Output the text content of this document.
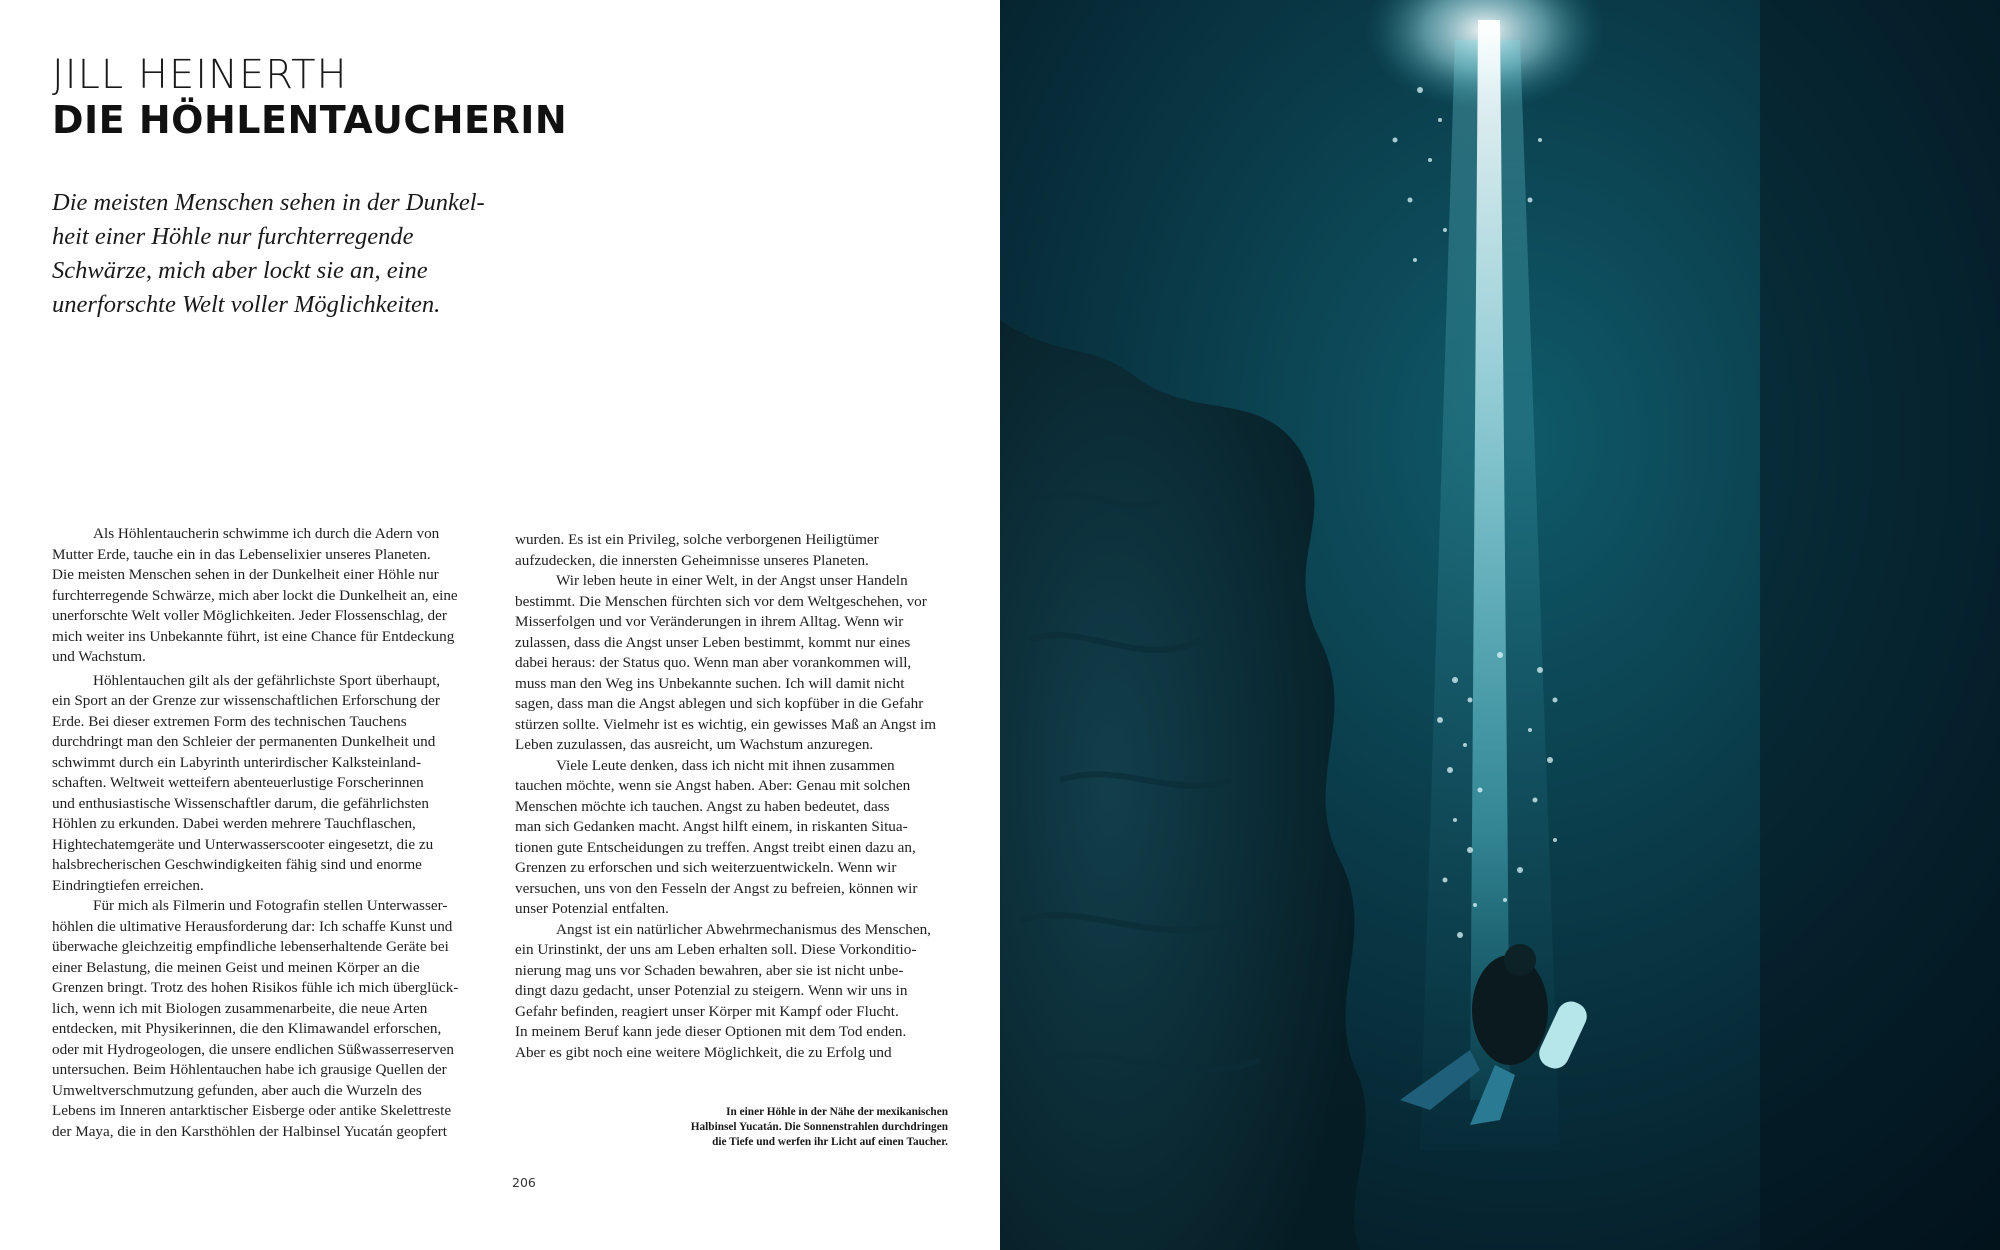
JILL HEINERTH
DIE HÖHLENTAUCHERIN
Die meisten Menschen sehen in der Dunkel-
heit einer Höhle nur furchterregende
Schwärze, mich aber lockt sie an, eine
unerforschte Welt voller Möglichkeiten.
Als Höhlentaucherin schwimme ich durch die Adern von
Mutter Erde, tauche ein in das Lebenselixier unseres Planeten.
Die meisten Menschen sehen in der Dunkelheit einer Höhle nur
furchterregende Schwärze, mich aber lockt die Dunkelheit an, eine
unerforschte Welt voller Möglichkeiten. Jeder Flossenschlag, der
mich weiter ins Unbekannte führt, ist eine Chance für Entdeckung
und Wachstum.
Höhlentauchen gilt als der gefährlichste Sport überhaupt,
ein Sport an der Grenze zur wissenschaftlichen Erforschung der
Erde. Bei dieser extremen Form des technischen Tauchens
durchdringt man den Schleier der permanenten Dunkelheit und
schwimmt durch ein Labyrinth unterirdischer Kalksteinland-
schaften. Weltweit wetteifern abenteuerlustige Forscherinnen
und enthusiastische Wissenschaftler darum, die gefährlichsten
Höhlen zu erkunden. Dabei werden mehrere Tauchflaschen,
Hightechatemgeräte und Unterwasserscooter eingesetzt, die zu
halsbrecherischen Geschwindigkeiten fähig sind und enorme
Eindringtiefen erreichen.
Für mich als Filmerin und Fotografin stellen Unterwasser-
höhlen die ultimative Herausforderung dar: Ich schaffe Kunst und
überwache gleichzeitig empfindliche lebenserhaltende Geräte bei
einer Belastung, die meinen Geist und meinen Körper an die
Grenzen bringt. Trotz des hohen Risikos fühle ich mich überglück-
lich, wenn ich mit Biologen zusammenarbeite, die neue Arten
entdecken, mit Physikerinnen, die den Klimawandel erforschen,
oder mit Hydrogeologen, die unsere endlichen Süßwasserreserven
untersuchen. Beim Höhlentauchen habe ich grausige Quellen der
Umweltverschmutzung gefunden, aber auch die Wurzeln des
Lebens im Inneren antarktischer Eisberge oder antike Skelettreste
der Maya, die in den Karsthöhlen der Halbinsel Yucatán geopfert
wurden. Es ist ein Privileg, solche verborgenen Heiligtümer
aufzudecken, die innersten Geheimnisse unseres Planeten.
Wir leben heute in einer Welt, in der Angst unser Handeln
bestimmt. Die Menschen fürchten sich vor dem Weltgeschehen, vor
Misserfolgen und vor Veränderungen in ihrem Alltag. Wenn wir
zulassen, dass die Angst unser Leben bestimmt, kommt nur eines
dabei heraus: der Status quo. Wenn man aber vorankommen will,
muss man den Weg ins Unbekannte suchen. Ich will damit nicht
sagen, dass man die Angst ablegen und sich kopfüber in die Gefahr
stürzen sollte. Vielmehr ist es wichtig, ein gewisses Maß an Angst im
Leben zuzulassen, das ausreicht, um Wachstum anzuregen.
Viele Leute denken, dass ich nicht mit ihnen zusammen
tauchen möchte, wenn sie Angst haben. Aber: Genau mit solchen
Menschen möchte ich tauchen. Angst zu haben bedeutet, dass
man sich Gedanken macht. Angst hilft einem, in riskanten Situa-
tionen gute Entscheidungen zu treffen. Angst treibt einen dazu an,
Grenzen zu erforschen und sich weiterzuentwickeln. Wenn wir
versuchen, uns von den Fesseln der Angst zu befreien, können wir
unser Potenzial entfalten.
Angst ist ein natürlicher Abwehrmechanismus des Menschen,
ein Urinstinkt, der uns am Leben erhalten soll. Diese Vorkonditio-
nierung mag uns vor Schaden bewahren, aber sie ist nicht unbe-
dingt dazu gedacht, unser Potenzial zu steigern. Wenn wir uns in
Gefahr befinden, reagiert unser Körper mit Kampf oder Flucht.
In meinem Beruf kann jede dieser Optionen mit dem Tod enden.
Aber es gibt noch eine weitere Möglichkeit, die zu Erfolg und
In einer Höhle in der Nähe der mexikanischen
Halbinsel Yucatán. Die Sonnenstrahlen durchdringen
die Tiefe und werfen ihr Licht auf einen Taucher.
206
